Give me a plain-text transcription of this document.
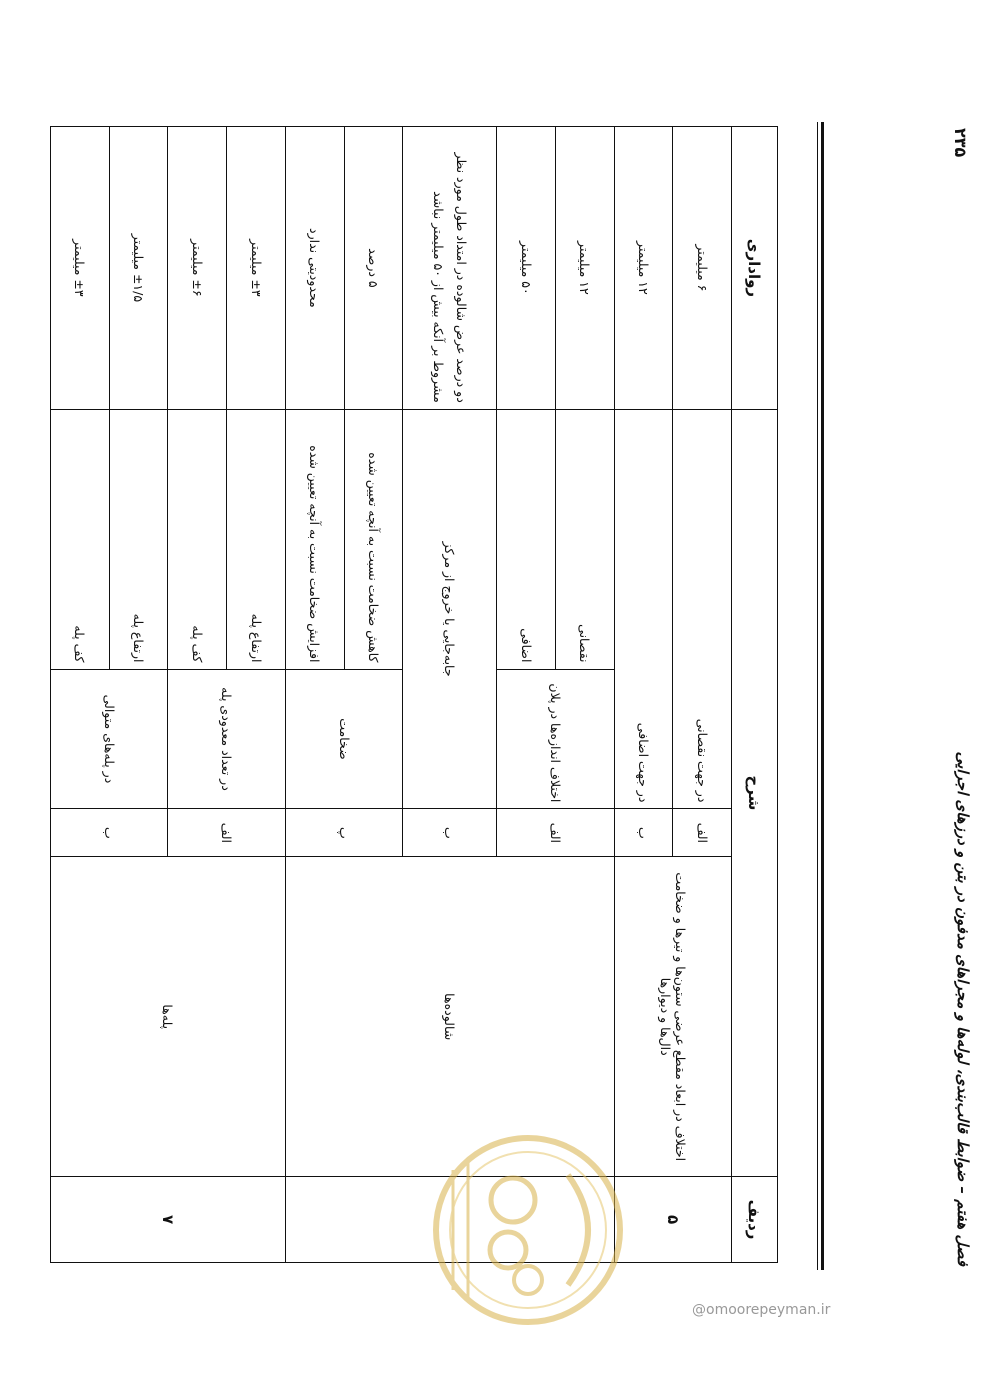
فصل هفتم – ضوابط قالب‌بندی، لوله‌ها و مجراهای مدفون در بتن و درزهای اجرایی
۲۳۵
ردیف	شرح				رواداری
۵	اختلاف در ابعاد مقطع عرضی ستون‌ها و تیرها و ضخامت دال‌ها و دیوارها	الف	در جهت نقصانی		۶ میلیمتر
		ب	در جهت اضافی		۱۲ میلیمتر
	شالوده‌ها	الف	اختلاف اندازه‌ها در پلان	نقصانی	۱۲ میلیمتر
				اضافی	۵۰ میلیمتر
		ب	جابه‌جایی یا خروج از مرکز		دو درصد عرض شالوده در امتداد طول مورد نظر مشروط بر آنکه بیش از ۵۰ میلیمتر نباشد
		پ	ضخامت	کاهش ضخامت نسبت به آنچه تعیین شده	۵ درصد
				افزایش ضخامت نسبت به آنچه تعیین شده	محدودیتی ندارد
۷	پله‌ها	الف	در تعداد معدودی پله	ارتفاع پله	±۳ میلیمتر
				کف پله	±۶ میلیمتر
		ب	در پله‌های متوالی	ارتفاع پله	±۱/۵ میلیمتر
				کف پله	±۳ میلیمتر
@omoorepeyman.ir
